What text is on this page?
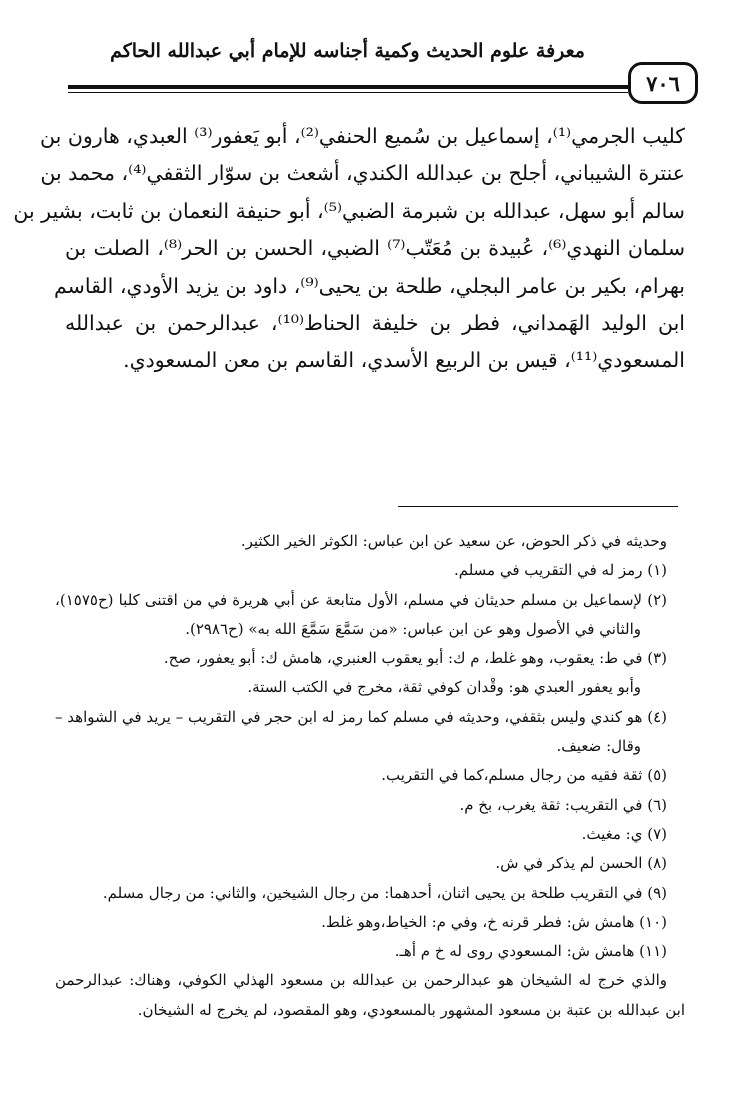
معرفة علوم الحديث وكمية أجناسه للإمام أبي عبدالله الحاكم
٧٠٦
كليب الجرمي⁽¹⁾، إسماعيل بن سُميع الحنفي⁽²⁾، أبو يَعفور⁽³⁾ العبدي، هارون بن
عنترة الشيباني، أجلح بن عبدالله الكندي، أشعث بن سوّار الثقفي⁽⁴⁾، محمد بن
سالم أبو سهل، عبدالله بن شبرمة الضبي⁽⁵⁾، أبو حنيفة النعمان بن ثابت، بشير بن
سلمان النهدي⁽⁶⁾، عُبيدة بن مُعَتّب⁽⁷⁾ الضبي، الحسن بن الحر⁽⁸⁾، الصلت بن
بهرام، بكير بن عامر البجلي، طلحة بن يحيى⁽⁹⁾، داود بن يزيد الأودي، القاسم
ابن الوليد الهَمداني، فطر بن خليفة الحناط⁽¹⁰⁾، عبدالرحمن بن عبدالله
المسعودي⁽¹¹⁾، قيس بن الربيع الأسدي، القاسم بن معن المسعودي.
وحديثه في ذكر الحوض، عن سعيد عن ابن عباس: الكوثر الخير الكثير.
(١) رمز له في التقريب في مسلم.
(٢) لإسماعيل بن مسلم حديثان في مسلم، الأول متابعة عن أبي هريرة في من اقتنى كلبا (ح١٥٧٥)،
والثاني في الأصول وهو عن ابن عباس: «من سَمَّعَ سَمَّعَ الله به» (ح٢٩٨٦).
(٣) في ط: يعقوب، وهو غلط، م ك: أبو يعقوب العنبري، هامش ك: أبو يعفور، صح.
وأبو يعفور العبدي هو: وقْدان كوفي ثقة، مخرج في الكتب الستة.
(٤) هو كندي وليس بثقفي، وحديثه في مسلم كما رمز له ابن حجر في التقريب – يريد في الشواهد –
وقال: ضعيف.
(٥) ثقة فقيه من رجال مسلم،كما في التقريب.
(٦) في التقريب: ثقة يغرب، بخ م.
(٧) ي: مغيث.
(٨) الحسن لم يذكر في ش.
(٩) في التقريب طلحة بن يحيى اثنان، أحدهما: من رجال الشيخين، والثاني: من رجال مسلم.
(١٠) هامش ش: فطر قرنه خ، وفي م: الخياط،وهو غلط.
(١١) هامش ش: المسعودي روى له خ م أهـ.
والذي خرج له الشيخان هو عبدالرحمن بن عبدالله بن مسعود الهذلي الكوفي، وهناك: عبدالرحمن
ابن عبدالله بن عتبة بن مسعود المشهور بالمسعودي، وهو المقصود، لم يخرج له الشيخان.
